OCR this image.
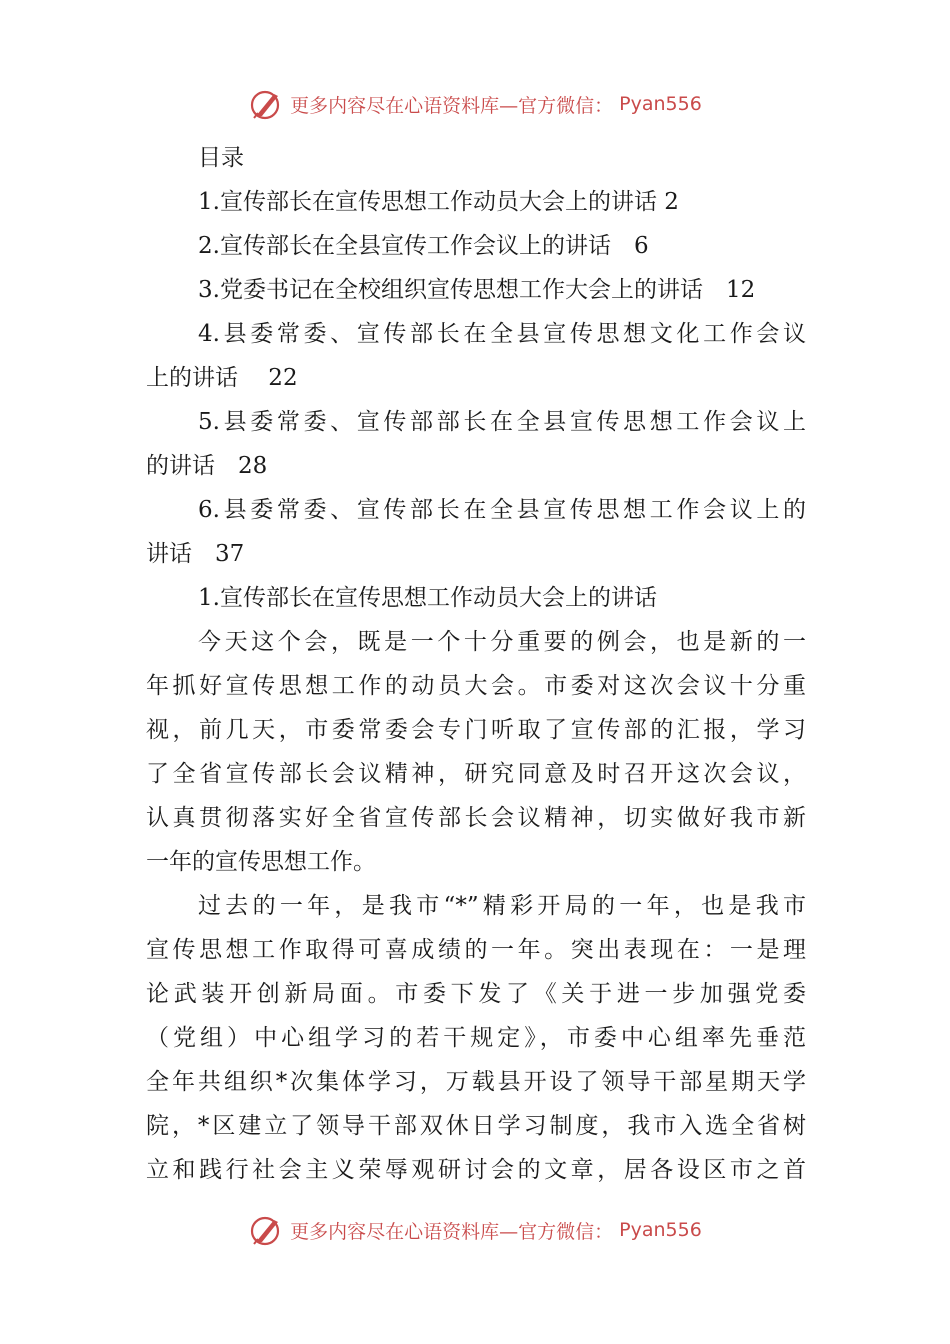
更多内容尽在心语资料库—官方微信： Pyan556
目录
1.宣传部长在宣传思想工作动员大会上的讲话 2
2.宣传部长在全县宣传工作会议上的讲话　6
3.党委书记在全校组织宣传思想工作大会上的讲话　12
4.县委常委、宣传部长在全县宣传思想文化工作会议
上的讲话　 22
5.县委常委、宣传部部长在全县宣传思想工作会议上
的讲话　28
6.县委常委、宣传部长在全县宣传思想工作会议上的
讲话　37
1.宣传部长在宣传思想工作动员大会上的讲话
今天这个会，既是一个十分重要的例会，也是新的一
年抓好宣传思想工作的动员大会。市委对这次会议十分重
视，前几天，市委常委会专门听取了宣传部的汇报，学习
了全省宣传部长会议精神，研究同意及时召开这次会议，
认真贯彻落实好全省宣传部长会议精神，切实做好我市新
一年的宣传思想工作。
过去的一年，是我市“*”精彩开局的一年，也是我市
宣传思想工作取得可喜成绩的一年。突出表现在：一是理
论武装开创新局面。市委下发了《关于进一步加强党委
（党组）中心组学习的若干规定》，市委中心组率先垂范
全年共组织*次集体学习，万载县开设了领导干部星期天学
院，*区建立了领导干部双休日学习制度，我市入选全省树
立和践行社会主义荣辱观研讨会的文章，居各设区市之首
更多内容尽在心语资料库—官方微信： Pyan556
